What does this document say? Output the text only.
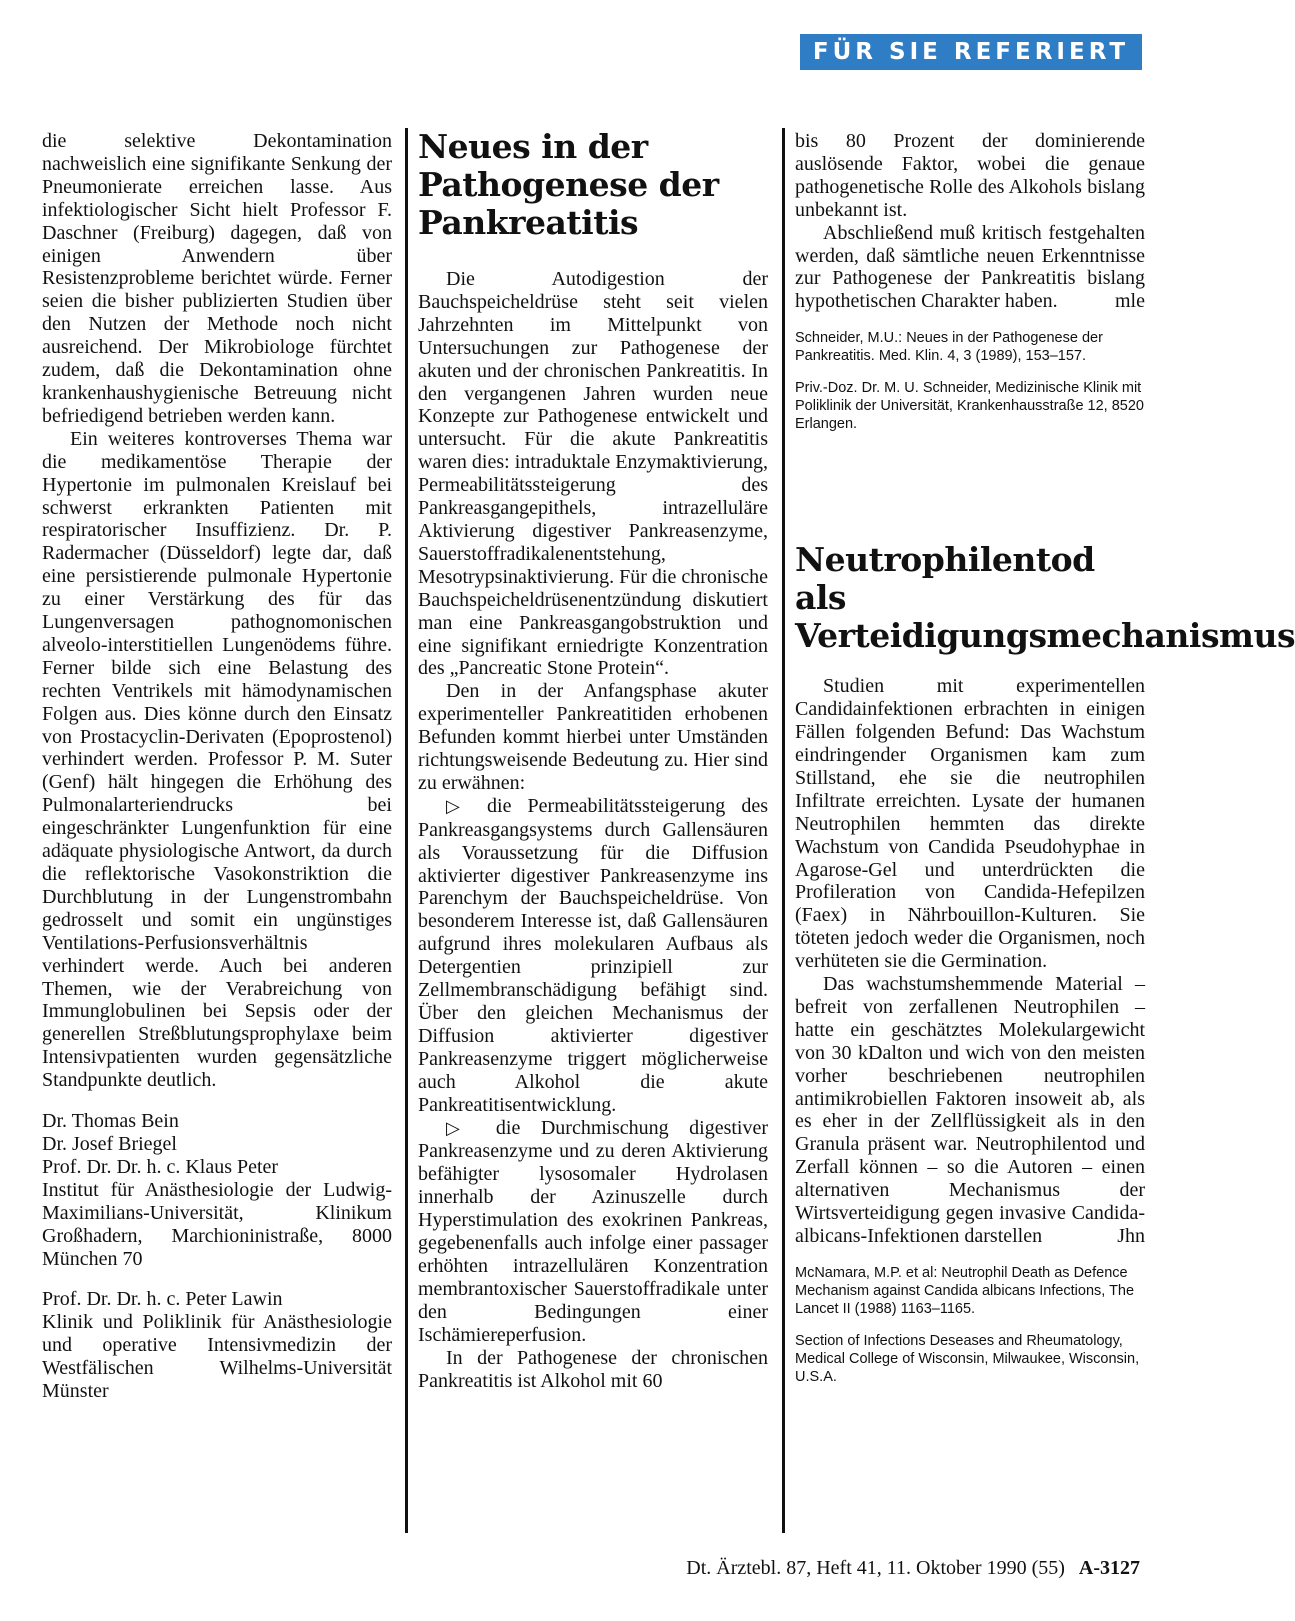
FÜR SIE REFERIERT

die selektive Dekontamination nachweislich eine signifikante Senkung der Pneumonierate erreichen lasse. Aus infektiologischer Sicht hielt Professor F. Daschner (Freiburg) dagegen, daß von einigen Anwendern über Resistenzprobleme berichtet würde. Ferner seien die bisher publizierten Studien über den Nutzen der Methode noch nicht ausreichend. Der Mikrobiologe fürchtet zudem, daß die Dekontamination ohne krankenhaushygienische Betreuung nicht befriedigend betrieben werden kann.

Ein weiteres kontroverses Thema war die medikamentöse Therapie der Hypertonie im pulmonalen Kreislauf bei schwerst erkrankten Patienten mit respiratorischer Insuffizienz. Dr. P. Radermacher (Düsseldorf) legte dar, daß eine persistierende pulmonale Hypertonie zu einer Verstärkung des für das Lungenversagen pathognomonischen alveolo-interstitiellen Lungenödems führe. Ferner bilde sich eine Belastung des rechten Ventrikels mit hämodynamischen Folgen aus. Dies könne durch den Einsatz von Prostacyclin-Derivaten (Epoprostenol) verhindert werden. Professor P. M. Suter (Genf) hält hingegen die Erhöhung des Pulmonalarteriendrucks bei eingeschränkter Lungenfunktion für eine adäquate physiologische Antwort, da durch die reflektorische Vasokonstriktion die Durchblutung in der Lungenstrombahn gedrosselt und somit ein ungünstiges Ventilations-Perfusionsverhältnis verhindert werde. Auch bei anderen Themen, wie der Verabreichung von Immunglobulinen bei Sepsis oder der generellen Streßblutungsprophylaxe beim Intensivpatienten wurden gegensätzliche Standpunkte deutlich.

Dr. Thomas Bein

Dr. Josef Briegel

Prof. Dr. Dr. h. c. Klaus Peter

Institut für Anästhesiologie der Ludwig-Maximilians-Universität, Klinikum Großhadern, Marchioninistraße, 8000 München 70

Prof. Dr. Dr. h. c. Peter Lawin

Klinik und Poliklinik für Anästhesiologie und operative Intensivmedizin der Westfälischen Wilhelms-Universität Münster

Neues in der Pathogenese der Pankreatitis

Die Autodigestion der Bauchspeicheldrüse steht seit vielen Jahrzehnten im Mittelpunkt von Untersuchungen zur Pathogenese der akuten und der chronischen Pankreatitis. In den vergangenen Jahren wurden neue Konzepte zur Pathogenese entwickelt und untersucht. Für die akute Pankreatitis waren dies: intraduktale Enzymaktivierung, Permeabilitätssteigerung des Pankreasgangepithels, intrazelluläre Aktivierung digestiver Pankreasenzyme, Sauerstoffradikalenentstehung, Mesotrypsinaktivierung. Für die chronische Bauchspeicheldrüsenentzündung diskutiert man eine Pankreasgangobstruktion und eine signifikant erniedrigte Konzentration des „Pancreatic Stone Protein“.

Den in der Anfangsphase akuter experimenteller Pankreatitiden erhobenen Befunden kommt hierbei unter Umständen richtungsweisende Bedeutung zu. Hier sind zu erwähnen:

▷ die Permeabilitätssteigerung des Pankreasgangsystems durch Gallensäuren als Voraussetzung für die Diffusion aktivierter digestiver Pankreasenzyme ins Parenchym der Bauchspeicheldrüse. Von besonderem Interesse ist, daß Gallensäuren aufgrund ihres molekularen Aufbaus als Detergentien prinzipiell zur Zellmembranschädigung befähigt sind. Über den gleichen Mechanismus der Diffusion aktivierter digestiver Pankreasenzyme triggert möglicherweise auch Alkohol die akute Pankreatitisentwicklung.

▷ die Durchmischung digestiver Pankreasenzyme und zu deren Aktivierung befähigter lysosomaler Hydrolasen innerhalb der Azinuszelle durch Hyperstimulation des exokrinen Pankreas, gegebenenfalls auch infolge einer passager erhöhten intrazellulären Konzentration membrantoxischer Sauerstoffradikale unter den Bedingungen einer Ischämiereperfusion.

In der Pathogenese der chronischen Pankreatitis ist Alkohol mit 60

bis 80 Prozent der dominierende auslösende Faktor, wobei die genaue pathogenetische Rolle des Alkohols bislang unbekannt ist.

Abschließend muß kritisch festgehalten werden, daß sämtliche neuen Erkenntnisse zur Pathogenese der Pankreatitis bislang hypothetischen Charakter haben.	mle

Schneider, M.U.: Neues in der Pathogenese der Pankreatitis. Med. Klin. 4, 3 (1989), 153–157.

Priv.-Doz. Dr. M. U. Schneider, Medizinische Klinik mit Poliklinik der Universität, Krankenhausstraße 12, 8520 Erlangen.

Neutrophilentod als Verteidigungsmechanismus

Studien mit experimentellen Candidainfektionen erbrachten in einigen Fällen folgenden Befund: Das Wachstum eindringender Organismen kam zum Stillstand, ehe sie die neutrophilen Infiltrate erreichten. Lysate der humanen Neutrophilen hemmten das direkte Wachstum von Candida Pseudohyphae in Agarose-Gel und unterdrückten die Profileration von Candida-Hefepilzen (Faex) in Nährbouillon-Kulturen. Sie töteten jedoch weder die Organismen, noch verhüteten sie die Germination.

Das wachstumshemmende Material – befreit von zerfallenen Neutrophilen – hatte ein geschätztes Molekulargewicht von 30 kDalton und wich von den meisten vorher beschriebenen neutrophilen antimikrobiellen Faktoren insoweit ab, als es eher in der Zellflüssigkeit als in den Granula präsent war. Neutrophilentod und Zerfall können – so die Autoren – einen alternativen Mechanismus der Wirtsverteidigung gegen invasive Candida-albicans-Infektionen darstellen	Jhn

McNamara, M.P. et al: Neutrophil Death as Defence Mechanism against Candida albicans Infections, The Lancet II (1988) 1163–1165.

Section of Infections Deseases and Rheumatology, Medical College of Wisconsin, Milwaukee, Wisconsin, U.S.A.

Dt. Ärztebl. 87, Heft 41, 11. Oktober 1990 (55) A-3127
